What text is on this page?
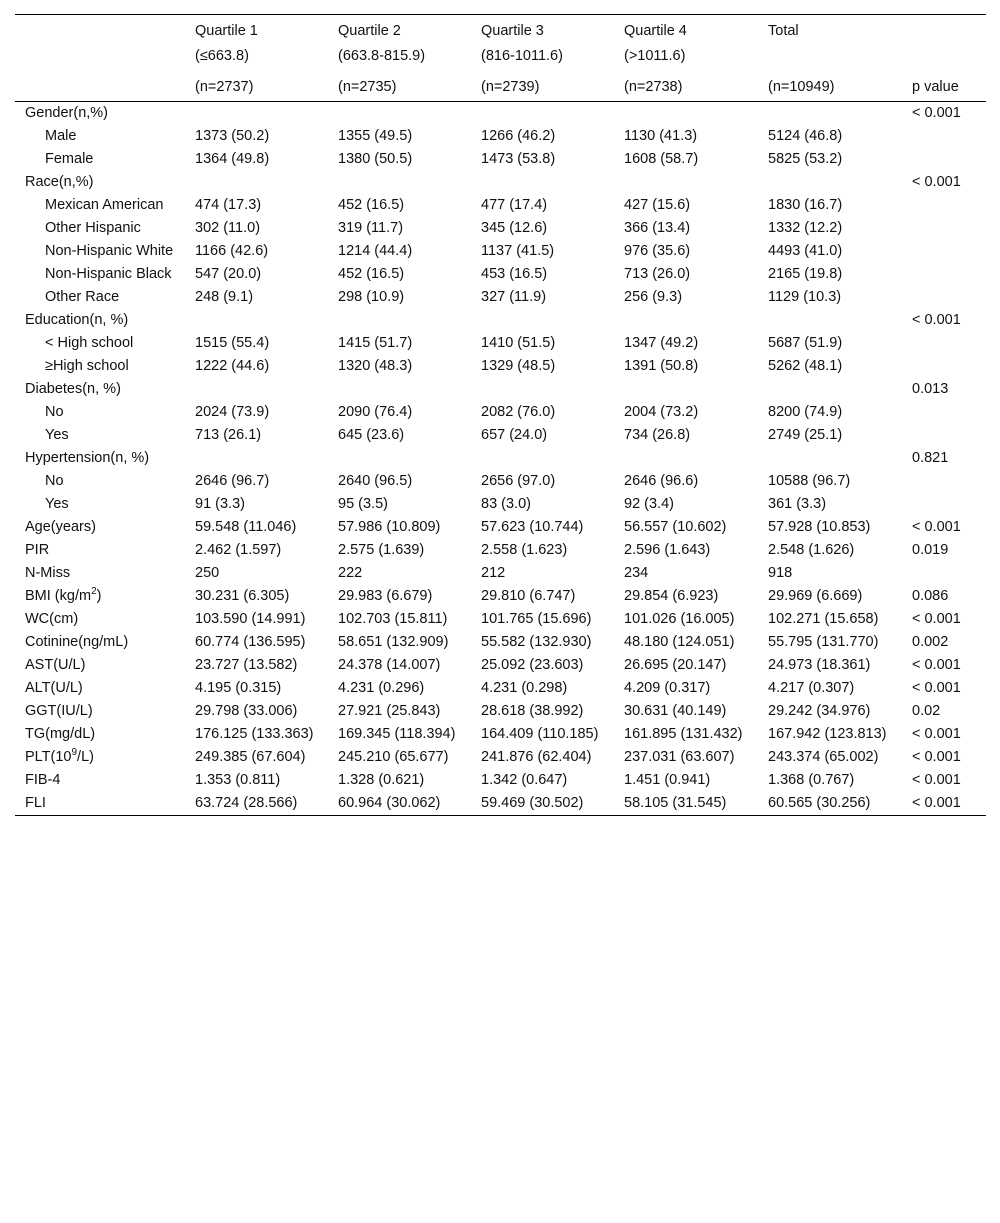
	Quartile 1	Quartile 2	Quartile 3	Quartile 4	Total	
	(≤663.8)	(663.8-815.9)	(816-1011.6)	(>1011.6)		
	(n=2737)	(n=2735)	(n=2739)	(n=2738)	(n=10949)	p value
Gender(n,%)						< 0.001
Male	1373 (50.2)	1355 (49.5)	1266 (46.2)	1130 (41.3)	5124 (46.8)	
Female	1364 (49.8)	1380 (50.5)	1473 (53.8)	1608 (58.7)	5825 (53.2)	
Race(n,%)						< 0.001
Mexican American	474 (17.3)	452 (16.5)	477 (17.4)	427 (15.6)	1830 (16.7)	
Other Hispanic	302 (11.0)	319 (11.7)	345 (12.6)	366 (13.4)	1332 (12.2)	
Non-Hispanic White	1166 (42.6)	1214 (44.4)	1137 (41.5)	976 (35.6)	4493 (41.0)	
Non-Hispanic Black	547 (20.0)	452 (16.5)	453 (16.5)	713 (26.0)	2165 (19.8)	
Other Race	248 (9.1)	298 (10.9)	327 (11.9)	256 (9.3)	1129 (10.3)	
Education(n, %)						< 0.001
< High school	1515 (55.4)	1415 (51.7)	1410 (51.5)	1347 (49.2)	5687 (51.9)	
≥High school	1222 (44.6)	1320 (48.3)	1329 (48.5)	1391 (50.8)	5262 (48.1)	
Diabetes(n, %)						0.013
No	2024 (73.9)	2090 (76.4)	2082 (76.0)	2004 (73.2)	8200 (74.9)	
Yes	713 (26.1)	645 (23.6)	657 (24.0)	734 (26.8)	2749 (25.1)	
Hypertension(n, %)						0.821
No	2646 (96.7)	2640 (96.5)	2656 (97.0)	2646 (96.6)	10588 (96.7)	
Yes	91 (3.3)	95 (3.5)	83 (3.0)	92 (3.4)	361 (3.3)	
Age(years)	59.548 (11.046)	57.986 (10.809)	57.623 (10.744)	56.557 (10.602)	57.928 (10.853)	< 0.001
PIR	2.462 (1.597)	2.575 (1.639)	2.558 (1.623)	2.596 (1.643)	2.548 (1.626)	0.019
N-Miss	250	222	212	234	918	
BMI $(kg/m^2)$	30.231 (6.305)	29.983 (6.679)	29.810 (6.747)	29.854 (6.923)	29.969 (6.669)	0.086
WC(cm)	103.590 (14.991)	102.703 (15.811)	101.765 (15.696)	101.026 (16.005)	102.271 (15.658)	< 0.001
Cotinine(ng/mL)	60.774 (136.595)	58.651 (132.909)	55.582 (132.930)	48.180 (124.051)	55.795 (131.770)	0.002
AST(U/L)	23.727 (13.582)	24.378 (14.007)	25.092 (23.603)	26.695 (20.147)	24.973 (18.361)	< 0.001
ALT(U/L)	4.195 (0.315)	4.231 (0.296)	4.231 (0.298)	4.209 (0.317)	4.217 (0.307)	< 0.001
GGT(IU/L)	29.798 (33.006)	27.921 (25.843)	28.618 (38.992)	30.631 (40.149)	29.242 (34.976)	0.02
TG(mg/dL)	176.125 (133.363)	169.345 (118.394)	164.409 (110.185)	161.895 (131.432)	167.942 (123.813)	< 0.001
$PLT(10^9/L)$	249.385 (67.604)	245.210 (65.677)	241.876 (62.404)	237.031 (63.607)	243.374 (65.002)	< 0.001
FIB-4	1.353 (0.811)	1.328 (0.621)	1.342 (0.647)	1.451 (0.941)	1.368 (0.767)	< 0.001
FLI	63.724 (28.566)	60.964 (30.062)	59.469 (30.502)	58.105 (31.545)	60.565 (30.256)	< 0.001
